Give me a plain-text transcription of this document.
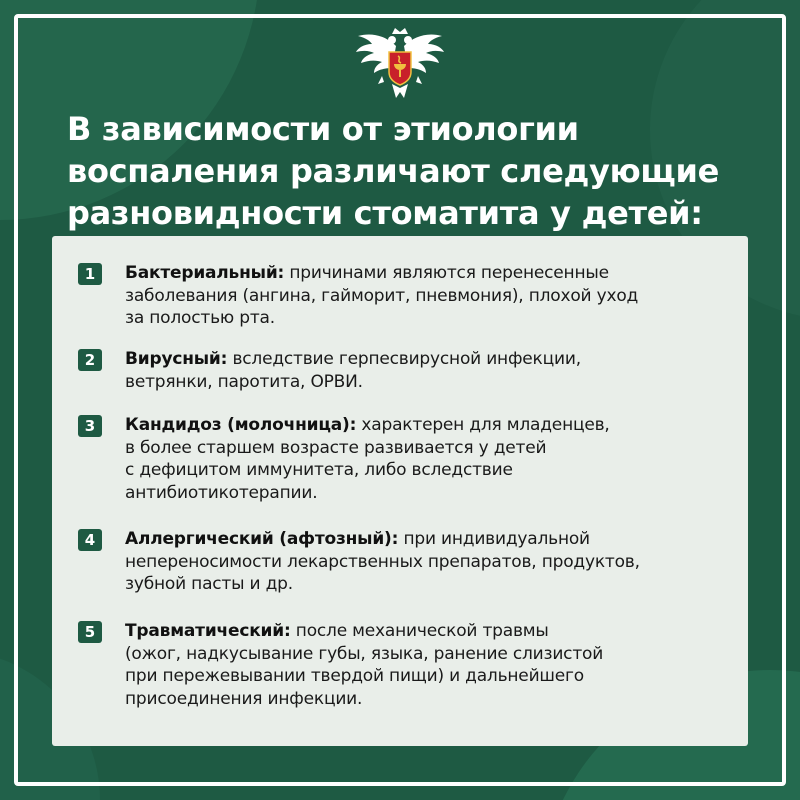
В зависимости от этиологии
воспаления различают следующие
разновидности стоматита у детей:
1	Бактериальный: причинами являются перенесенные
заболевания (ангина, гайморит, пневмония), плохой уход
за полостью рта.
2	Вирусный: вследствие герпесвирусной инфекции,
ветрянки, паротита, ОРВИ.
3	Кандидоз (молочница): характерен для младенцев,
в более старшем возрасте развивается у детей
с дефицитом иммунитета, либо вследствие
антибиотикотерапии.
4	Аллергический (афтозный): при индивидуальной
непереносимости лекарственных препаратов, продуктов,
зубной пасты и др.
5	Травматический: после механической травмы
(ожог, надкусывание губы, языка, ранение слизистой
при пережевывании твердой пищи) и дальнейшего
присоединения инфекции.
